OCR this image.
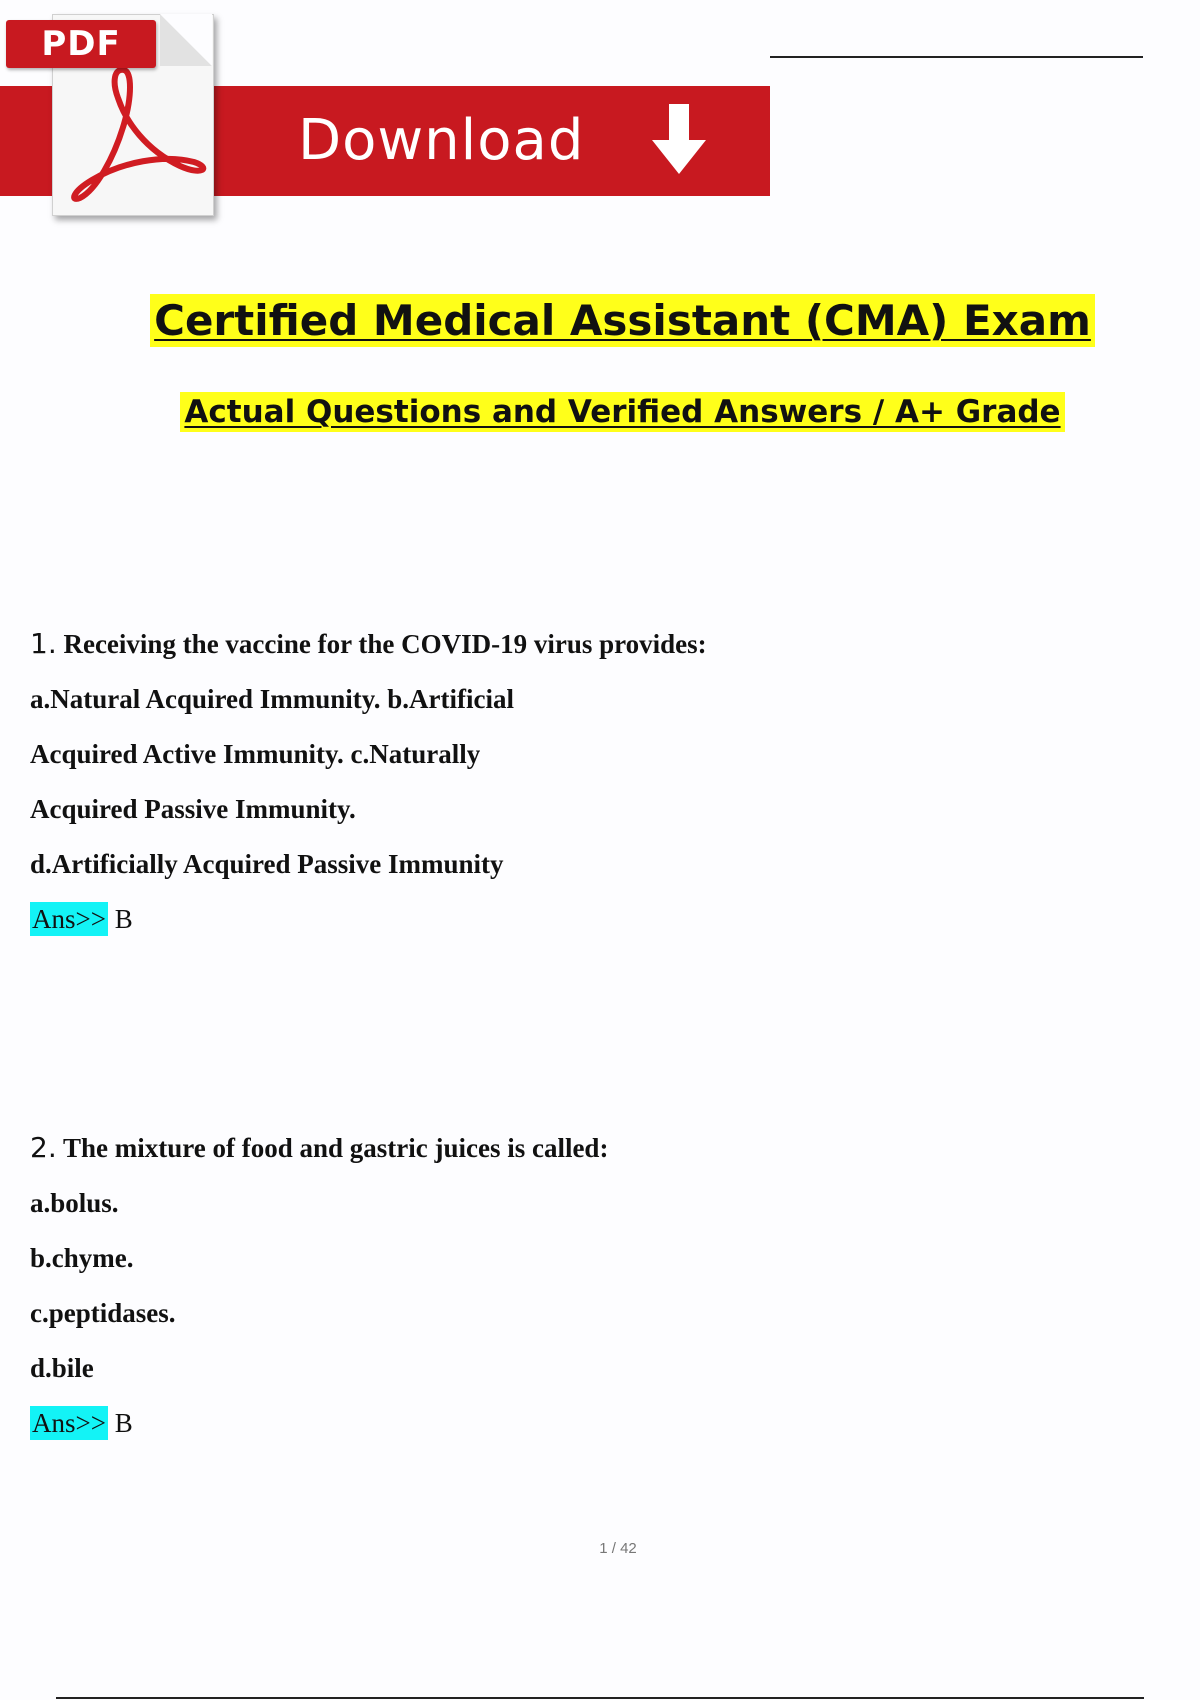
Download
PDF
Certified Medical Assistant (CMA) Exam
Actual Questions and Verified Answers / A+ Grade
1. Receiving the vaccine for the COVID-19 virus provides:
a.Natural Acquired Immunity. b.Artificial
Acquired Active Immunity. c.Naturally
Acquired Passive Immunity.
d.Artificially Acquired Passive Immunity
Ans>> B
2. The mixture of food and gastric juices is called:
a.bolus.
b.chyme.
c.peptidases.
d.bile
Ans>> B
1 / 42
